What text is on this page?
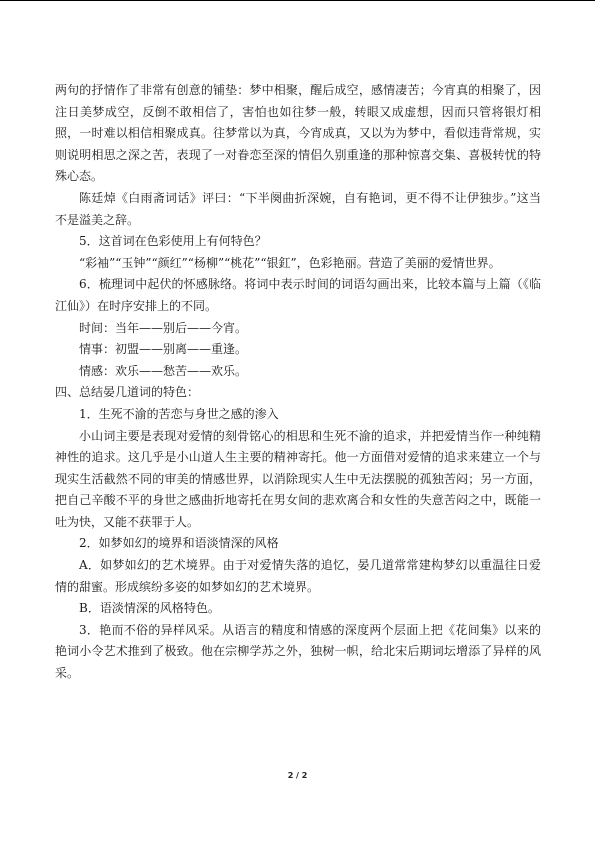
两句的抒情作了非常有创意的铺垫：梦中相聚，醒后成空，感情凄苦；今宵真的相聚了，因注日美梦成空，反倒不敢相信了，害怕也如往梦一般，转眼又成虚想，因而只管将银灯相照，一时难以相信相聚成真。往梦常以为真，今宵成真，又以为为梦中，看似违背常规，实则说明相思之深之苦，表现了一对眷恋至深的情侣久别重逢的那种惊喜交集、喜极转忧的特殊心态。

陈廷焯《白雨斋词话》评曰：“下半阕曲折深婉，自有艳词，更不得不让伊独步。”这当不是溢美之辞。

5．这首词在色彩使用上有何特色？

“彩袖”“玉钟”“颜红”“杨柳”“桃花”“银釭”，色彩艳丽。营造了美丽的爱情世界。

6．梳理词中起伏的怀感脉络。将词中表示时间的词语勾画出来，比较本篇与上篇（《临江仙》）在时序安排上的不同。

时间：当年——别后——今宵。

情事：初盟——别离——重逢。

情感：欢乐——愁苦——欢乐。

四、总结晏几道词的特色：

1．生死不渝的苦恋与身世之感的渗入

小山词主要是表现对爱情的刻骨铭心的相思和生死不渝的追求，并把爱情当作一种纯精神性的追求。这几乎是小山道人生主要的精神寄托。他一方面借对爱情的追求来建立一个与现实生活截然不同的审美的情感世界，以消除现实人生中无法摆脱的孤独苦闷；另一方面，把自己辛酸不平的身世之感曲折地寄托在男女间的悲欢离合和女性的失意苦闷之中，既能一吐为快，又能不获罪于人。

2．如梦如幻的境界和语淡情深的风格

A．如梦如幻的艺术境界。由于对爱情失落的追忆，晏几道常常建构梦幻以重温往日爱情的甜蜜。形成缤纷多姿的如梦如幻的艺术境界。

B．语淡情深的风格特色。

3．艳而不俗的异样风采。从语言的精度和情感的深度两个层面上把《花间集》以来的艳词小令艺术推到了极致。他在宗柳学苏之外，独树一帜，给北宋后期词坛增添了异样的风采。

2 / 2
